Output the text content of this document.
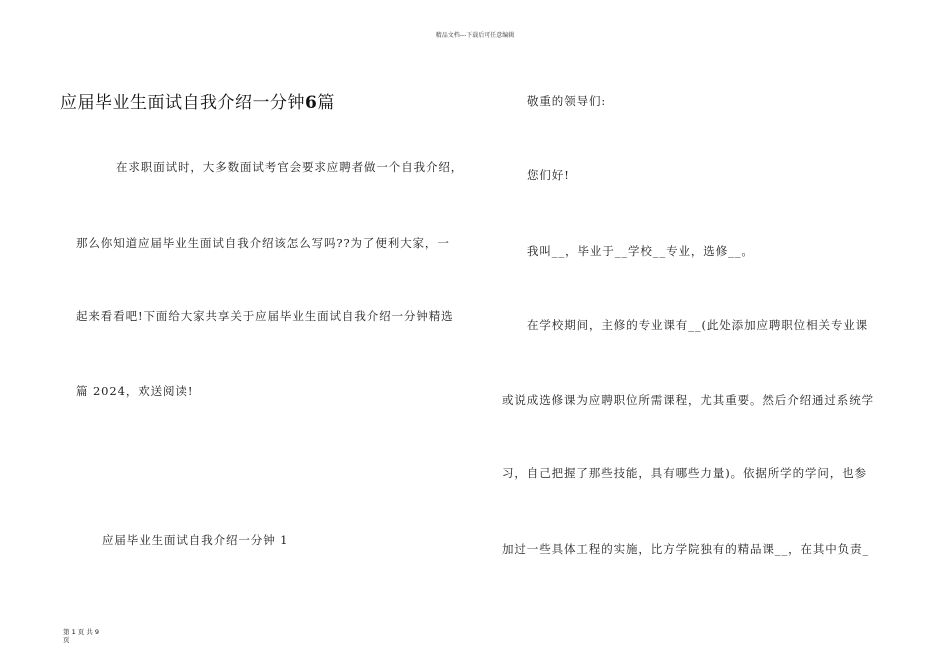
精品文档---下载后可任意编辑
应届毕业生面试自我介绍一分钟6篇
在求职面试时，大多数面试考官会要求应聘者做一个自我介绍，
那么你知道应届毕业生面试自我介绍该怎么写吗??为了便利大家，一
起来看看吧!下面给大家共享关于应届毕业生面试自我介绍一分钟精选
篇 2024，欢送阅读!
应届毕业生面试自我介绍一分钟 1
敬重的领导们:
您们好!
我叫__，毕业于__学校__专业，选修__。
在学校期间，主修的专业课有__(此处添加应聘职位相关专业课
或说成选修课为应聘职位所需课程，尤其重要。然后介绍通过系统学
习，自己把握了那些技能，具有哪些力量)。依据所学的学问，也参
加过一些具体工程的实施，比方学院独有的精品课__，在其中负责_
第 1 页 共 9
页
